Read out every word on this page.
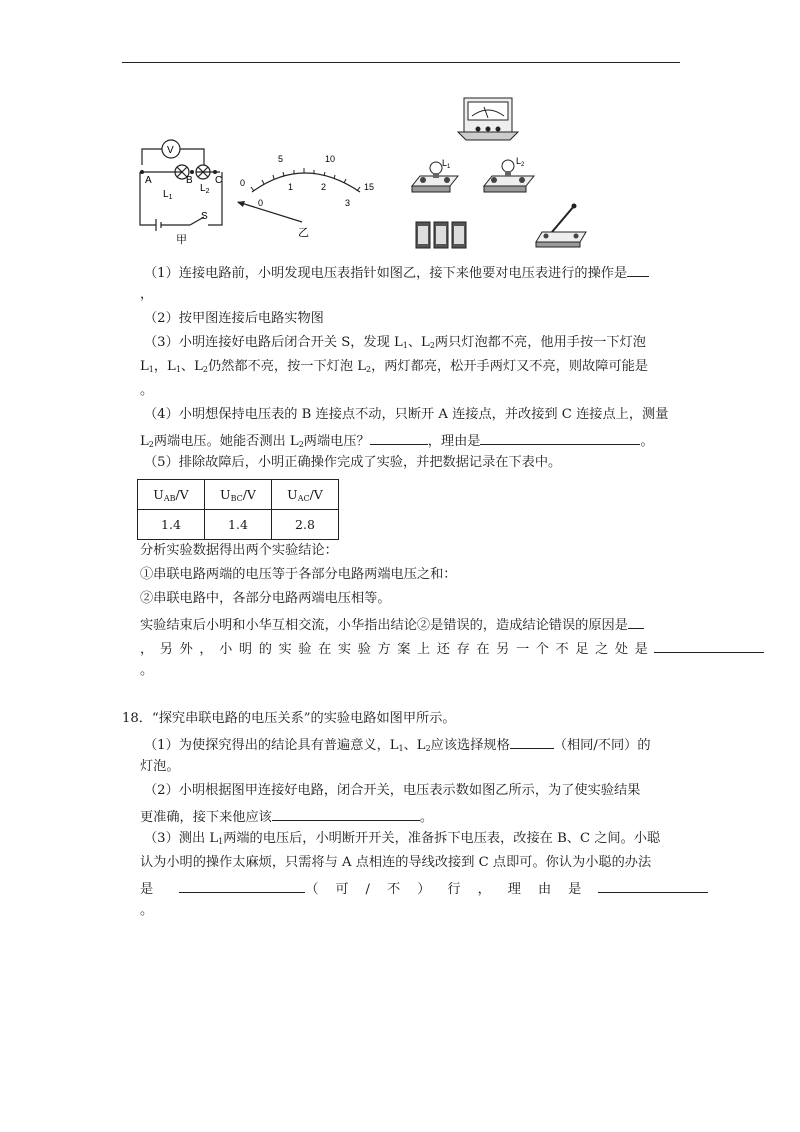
V
A	B C
$L_1$
$L_2$
S
甲
0
5	10
15
0
1	2
3
乙
$L_1$
$L_2$
（1）连接电路前，小明发现电压表指针如图乙，接下来他要对电压表进行的操作是
，
（2）按甲图连接后电路实物图
（3）小明连接好电路后闭合开关 S，发现 $L_1$、$L_2$两只灯泡都不亮，他用手按一下灯泡
$L_1$，$L_1$、$L_2$仍然都不亮，按一下灯泡 $L_2$，两灯都亮，松开手两灯又不亮，则故障可能是
。
（4）小明想保持电压表的 B 连接点不动，只断开 A 连接点，并改接到 C 连接点上，测量
$L_2$两端电压。她能否测出 $L_2$两端电压？	，理由是	。
（5）排除故障后，小明正确操作完成了实验，并把数据记录在下表中。
$U_{AB}/V$	$U_{BC}/V$	$U_{AC}/V$
1.4	1.4	2.8
分析实验数据得出两个实验结论：
①串联电路两端的电压等于各部分电路两端电压之和：
②串联电路中，各部分电路两端电压相等。
实验结束后小明和小华互相交流，小华指出结论②是错误的，造成结论错误的原因是
，另外，小明的实验在实验方案上还存在另一个不足之处是
。
18．“探究串联电路的电压关系”的实验电路如图甲所示。
（1）为使探究得出的结论具有普遍意义，$L_1$、$L_2$应该选择规格	（相同/不同）的
灯泡。
（2）小明根据图甲连接好电路，闭合开关，电压表示数如图乙所示，为了使实验结果
更准确，接下来他应该	。
（3）测出 $L_1$两端的电压后，小明断开开关，准备拆下电压表，改接在 B、C 之间。小聪
认为小明的操作太麻烦，只需将与 A 点相连的导线改接到 C 点即可。你认为小聪的办法
是	（可/不）行，理由是
。
